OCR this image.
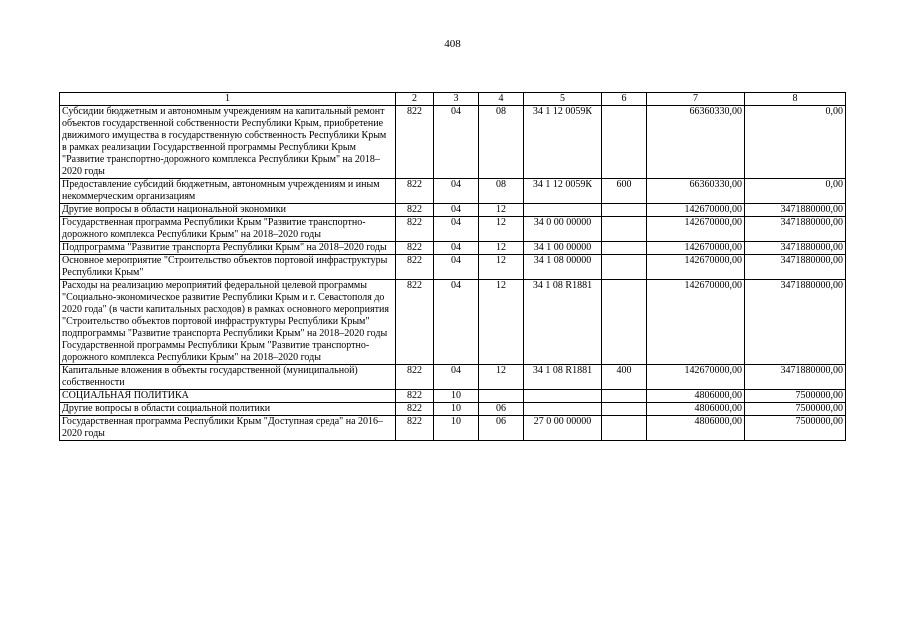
408
1	2	3	4	5	6	7	8
Субсидии бюджетным и автономным учреждениям на капитальный ремонт объектов государственной собственности Республики Крым, приобретение движимого имущества в государственную собственность Республики Крым в рамках реализации Государственной программы Республики Крым "Развитие транспортно-дорожного комплекса Республики Крым" на 2018–2020 годы	822	04	08	34 1 12 0059К		66360330,00	0,00
Предоставление субсидий бюджетным, автономным учреждениям и иным некоммерческим организациям	822	04	08	34 1 12 0059К	600	66360330,00	0,00
Другие вопросы в области национальной экономики	822	04	12			142670000,00	3471880000,00
Государственная программа Республики Крым "Развитие транспортно-дорожного комплекса Республики Крым" на 2018–2020 годы	822	04	12	34 0 00 00000		142670000,00	3471880000,00
Подпрограмма "Развитие транспорта Республики Крым" на 2018–2020 годы	822	04	12	34 1 00 00000		142670000,00	3471880000,00
Основное мероприятие "Строительство объектов портовой инфраструктуры Республики Крым"	822	04	12	34 1 08 00000		142670000,00	3471880000,00
Расходы на реализацию мероприятий федеральной целевой программы "Социально-экономическое развитие Республики Крым и г. Севастополя до 2020 года" (в части капитальных расходов) в рамках основного мероприятия "Строительство объектов портовой инфраструктуры Республики Крым" подпрограммы "Развитие транспорта Республики Крым" на 2018–2020 годы Государственной программы Республики Крым "Развитие транспортно-дорожного комплекса Республики Крым" на 2018–2020 годы	822	04	12	34 1 08 R1881		142670000,00	3471880000,00
Капитальные вложения в объекты государственной (муниципальной) собственности	822	04	12	34 1 08 R1881	400	142670000,00	3471880000,00
СОЦИАЛЬНАЯ ПОЛИТИКА	822	10				4806000,00	7500000,00
Другие вопросы в области социальной политики	822	10	06			4806000,00	7500000,00
Государственная программа Республики Крым "Доступная среда" на 2016–2020 годы	822	10	06	27 0 00 00000		4806000,00	7500000,00
